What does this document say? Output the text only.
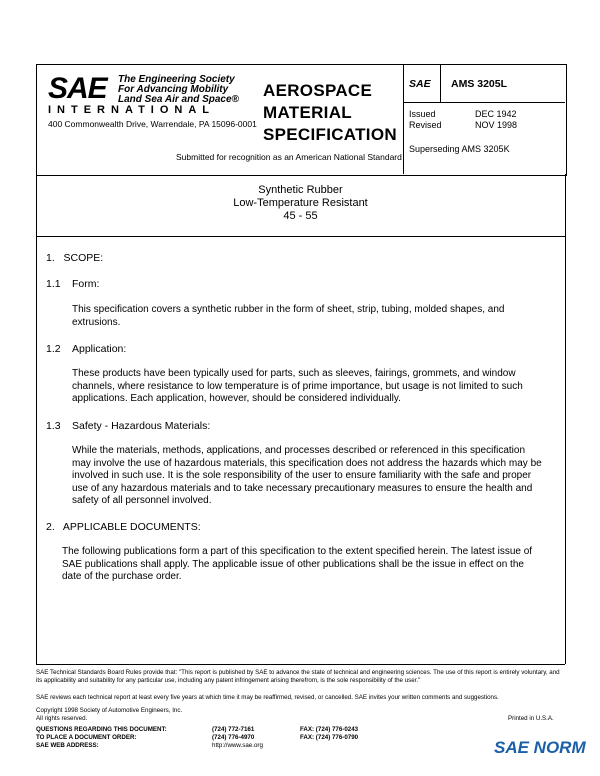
SAE The Engineering Society
For Advancing Mobility
Land Sea Air and Space®
INTERNATIONAL
400 Commonwealth Drive, Warrendale, PA 15096-0001
AEROSPACE
MATERIAL
SPECIFICATION
Submitted for recognition as an American National Standard
SAE AMS 3205L
Issued	DEC 1942
Revised	NOV 1998
Superseding AMS 3205K
Synthetic Rubber
Low-Temperature Resistant
45 - 55
1.   SCOPE:
1.1 Form:
This specification covers a synthetic rubber in the form of sheet, strip, tubing, molded shapes, and extrusions.
1.2 Application:
These products have been typically used for parts, such as sleeves, fairings, grommets, and window channels, where resistance to low temperature is of prime importance, but usage is not limited to such applications. Each application, however, should be considered individually.
1.3 Safety - Hazardous Materials:
While the materials, methods, applications, and processes described or referenced in this specification may involve the use of hazardous materials, this specification does not address the hazards which may be involved in such use. It is the sole responsibility of the user to ensure familiarity with the safe and proper use of any hazardous materials and to take necessary precautionary measures to ensure the health and safety of all personnel involved.
2.   APPLICABLE DOCUMENTS:
The following publications form a part of this specification to the extent specified herein. The latest issue of SAE publications shall apply. The applicable issue of other publications shall be the issue in effect on the date of the purchase order.
SAE Technical Standards Board Rules provide that: "This report is published by SAE to advance the state of technical and engineering sciences. The use of this report is entirely voluntary, and its applicability and suitability for any particular use, including any patent infringement arising therefrom, is the sole responsibility of the user."
SAE reviews each technical report at least every five years at which time it may be reaffirmed, revised, or cancelled. SAE invites your written comments and suggestions.
Copyright 1998 Society of Automotive Engineers, Inc.
All rights reserved.	Printed in U.S.A.
QUESTIONS REGARDING THIS DOCUMENT:	(724) 772-7161	FAX: (724) 776-0243
TO PLACE A DOCUMENT ORDER:	(724) 776-4970	FAX: (724) 776-0790
SAE WEB ADDRESS:	http://www.sae.org	SAE NORM
